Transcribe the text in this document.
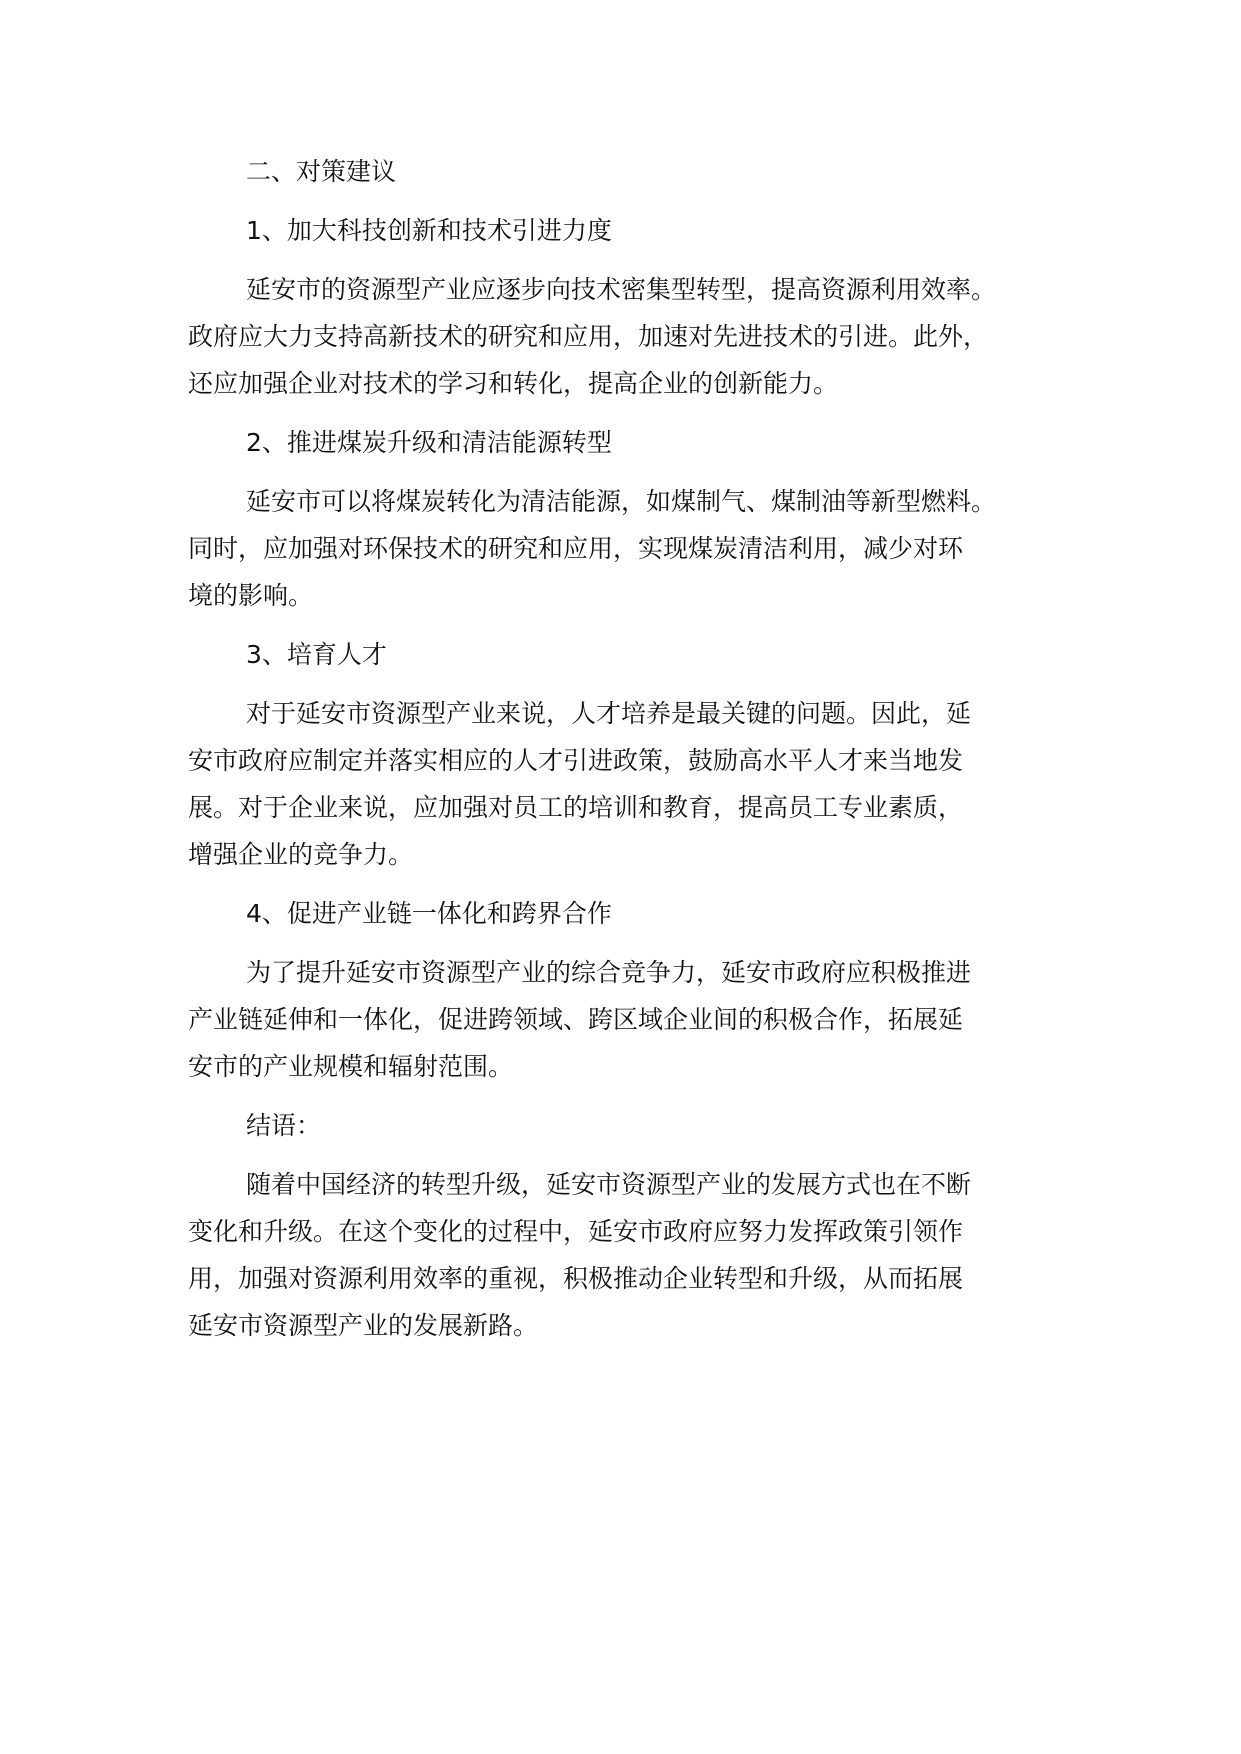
二、对策建议

1、加大科技创新和技术引进力度

延安市的资源型产业应逐步向技术密集型转型，提高资源利用效率。
政府应大力支持高新技术的研究和应用，加速对先进技术的引进。此外，
还应加强企业对技术的学习和转化，提高企业的创新能力。

2、推进煤炭升级和清洁能源转型

延安市可以将煤炭转化为清洁能源，如煤制气、煤制油等新型燃料。
同时，应加强对环保技术的研究和应用，实现煤炭清洁利用，减少对环
境的影响。

3、培育人才

对于延安市资源型产业来说，人才培养是最关键的问题。因此，延
安市政府应制定并落实相应的人才引进政策，鼓励高水平人才来当地发
展。对于企业来说，应加强对员工的培训和教育，提高员工专业素质，
增强企业的竞争力。

4、促进产业链一体化和跨界合作

为了提升延安市资源型产业的综合竞争力，延安市政府应积极推进
产业链延伸和一体化，促进跨领域、跨区域企业间的积极合作，拓展延
安市的产业规模和辐射范围。

结语：

随着中国经济的转型升级，延安市资源型产业的发展方式也在不断
变化和升级。在这个变化的过程中，延安市政府应努力发挥政策引领作
用，加强对资源利用效率的重视，积极推动企业转型和升级，从而拓展
延安市资源型产业的发展新路。
